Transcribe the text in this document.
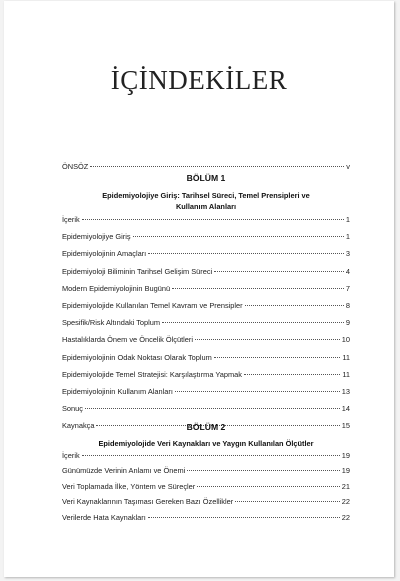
İÇİNDEKİLER
ÖNSÖZ	v
BÖLÜM 1
Epidemiyolojiye Giriş: Tarihsel Süreci, Temel Prensipleri ve
Kullanım Alanları
İçerik	1
Epidemiyolojiye Giriş	1
Epidemiyolojinin Amaçları	3
Epidemiyoloji Biliminin Tarihsel Gelişim Süreci	4
Modern Epidemiyolojinin Bugünü	7
Epidemiyolojide Kullanılan Temel Kavram ve Prensipler	8
Spesifik/Risk Altındaki Toplum	9
Hastalıklarda Önem ve Öncelik Ölçütleri	10
Epidemiyolojinin Odak Noktası Olarak Toplum	11
Epidemiyolojide Temel Stratejisi: Karşılaştırma Yapmak	11
Epidemiyolojinin Kullanım Alanları	13
Sonuç	14
Kaynakça	15
BÖLÜM 2
Epidemiyolojide Veri Kaynakları ve Yaygın Kullanılan Ölçütler
İçerik	19
Günümüzde Verinin Anlamı ve Önemi	19
Veri Toplamada İlke, Yöntem ve Süreçler	21
Veri Kaynaklarının Taşıması Gereken Bazı Özellikler	22
Verilerde Hata Kaynakları	22
